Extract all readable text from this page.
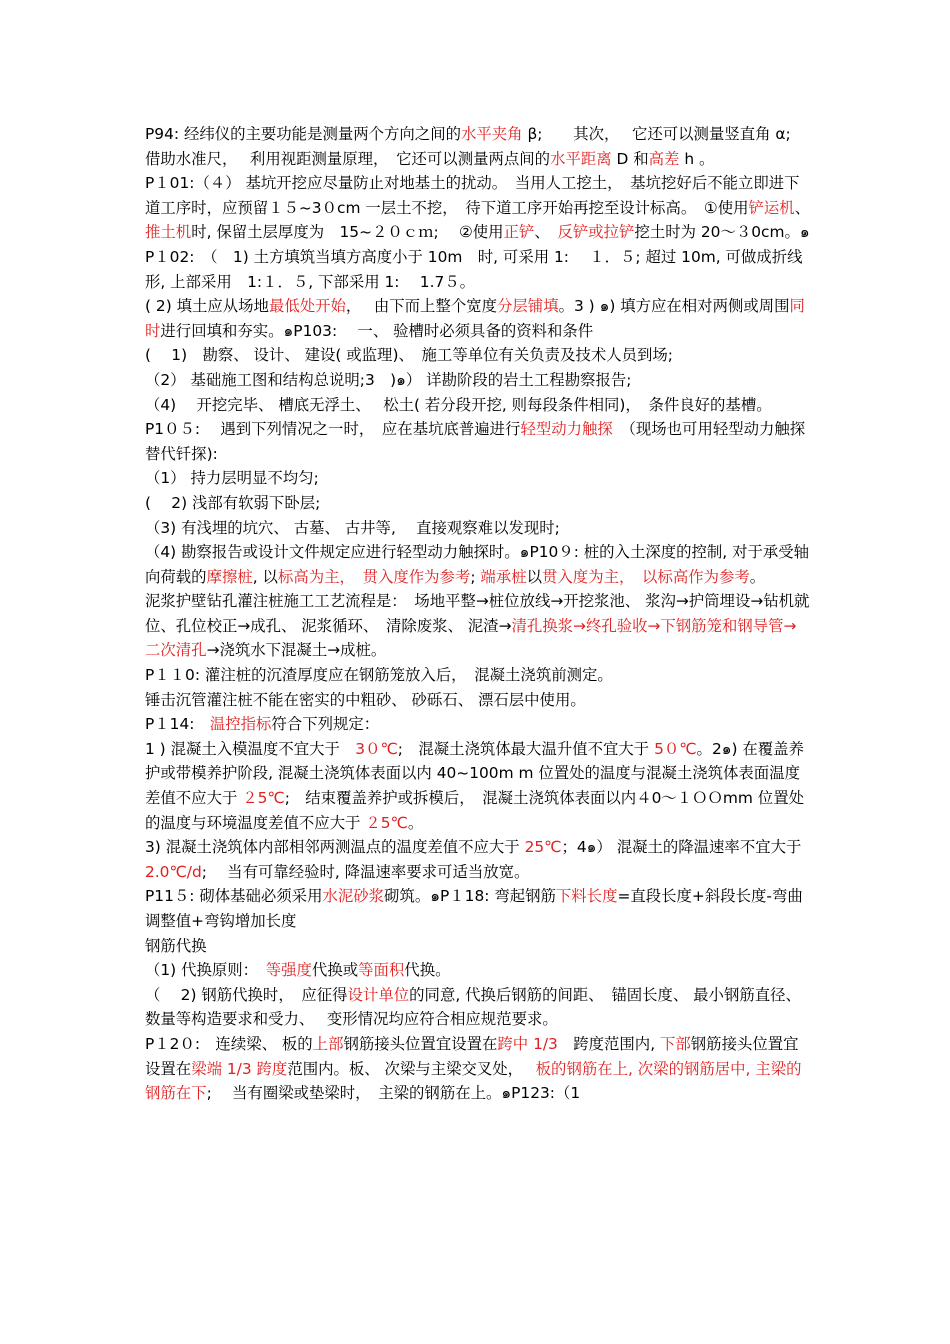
P94: 经纬仪的主要功能是测量两个方向之间的水平夹角 β;　　其次，　 它还可以测量竖直角 α;　借助水准尺，　 利用视距测量原理，　它还可以测量两点间的水平距离 D 和高差 h 。

P１01:（４） 基坑开挖应尽量防止对地基土的扰动。　当用人工挖土，　基坑挖好后不能立即进下道工序时，应预留１５~3０cm 一层土不挖，　待下道工序开始再挖至设计标高。　①使用铲运机、　推土机时, 保留土层厚度为　15~２０ｃｍ;　 ②使用正铲、　反铲或拉铲挖土时为 20～３0cm。๑P１02:　（　1) 土方填筑当填方高度小于 10m　时, 可采用 1:　 １．５; 超过 10m, 可做成折线形, 上部采用　1:１．５, 下部采用 1:　 1.7５。

( 2) 填土应从场地最低处开始，　 由下而上整个宽度分层铺填。3 ) ๑) 填方应在相对两侧或周围同时进行回填和夯实。๑P103:　 一、 验槽时必须具备的资料和条件

(　 1)　勘察、 设计、 建设( 或监理)、　施工等单位有关负责及技术人员到场;

（2） 基础施工图和结构总说明;3　)๑） 详勘阶段的岩土工程勘察报告;

（4)　 开挖完毕、 槽底无浮土、　 松土( 若分段开挖, 则每段条件相同)，　条件良好的基槽。

P1０５:　 遇到下列情况之一时，　应在基坑底普遍进行轻型动力触探　（现场也可用轻型动力触探替代钎探):

（1） 持力层明显不均匀;

(　 2) 浅部有软弱下卧层;

（3) 有浅埋的坑穴、 古墓、 古井等,　 直接观察难以发现时;

（4) 勘察报告或设计文件规定应进行轻型动力触探时。๑P10９: 桩的入土深度的控制, 对于承受轴向荷载的摩擦桩, 以标高为主，　贯入度作为参考; 端承桩以贯入度为主，　以标高作为参考。

泥浆护壁钻孔灌注桩施工工艺流程是：　场地平整→桩位放线→开挖浆池、 浆沟→护筒埋设→钻机就位、孔位校正→成孔、 泥浆循环、　清除废浆、 泥渣→清孔换浆→终孔验收→下钢筋笼和钢导管→二次清孔→浇筑水下混凝土→成桩。

P１１0: 灌注桩的沉渣厚度应在钢筋笼放入后，　混凝土浇筑前测定。

锤击沉管灌注桩不能在密实的中粗砂、 砂砾石、 漂石层中使用。

P１14:　温控指标符合下列规定：

1 ) 混凝土入模温度不宜大于　3０℃;　混凝土浇筑体最大温升值不宜大于 5０℃。2๑) 在覆盖养护或带模养护阶段, 混凝土浇筑体表面以内 40~100m m 位置处的温度与混凝土浇筑体表面温度差值不应大于 ２5℃;　结束覆盖养护或拆模后，　混凝土浇筑体表面以内４0～１ＯＯmm 位置处的温度与环境温度差值不应大于 ２5℃。

3) 混凝土浇筑体内部相邻两测温点的温度差值不应大于 25℃；4๑） 混凝土的降温速率不宜大于 2.0℃/d;　 当有可靠经验时, 降温速率要求可适当放宽。

P11５: 砌体基础必须采用水泥砂浆砌筑。๑P１18: 弯起钢筋下料长度=直段长度+斜段长度-弯曲调整值+弯钩增加长度

钢筋代换

（1) 代换原则：　等强度代换或等面积代换。

（　 2) 钢筋代换时，　应征得设计单位的同意, 代换后钢筋的间距、　锚固长度、 最小钢筋直径、 数量等构造要求和受力、　 变形情况均应符合相应规范要求。

P１2０:　连续梁、 板的上部钢筋接头位置宜设置在跨中 1/3　跨度范围内, 下部钢筋接头位置宜设置在梁端 1/3 跨度范围内。板、 次梁与主梁交叉处，　 板的钢筋在上, 次梁的钢筋居中, 主梁的钢筋在下;　 当有圈梁或垫梁时，　主梁的钢筋在上。๑P123:（1
